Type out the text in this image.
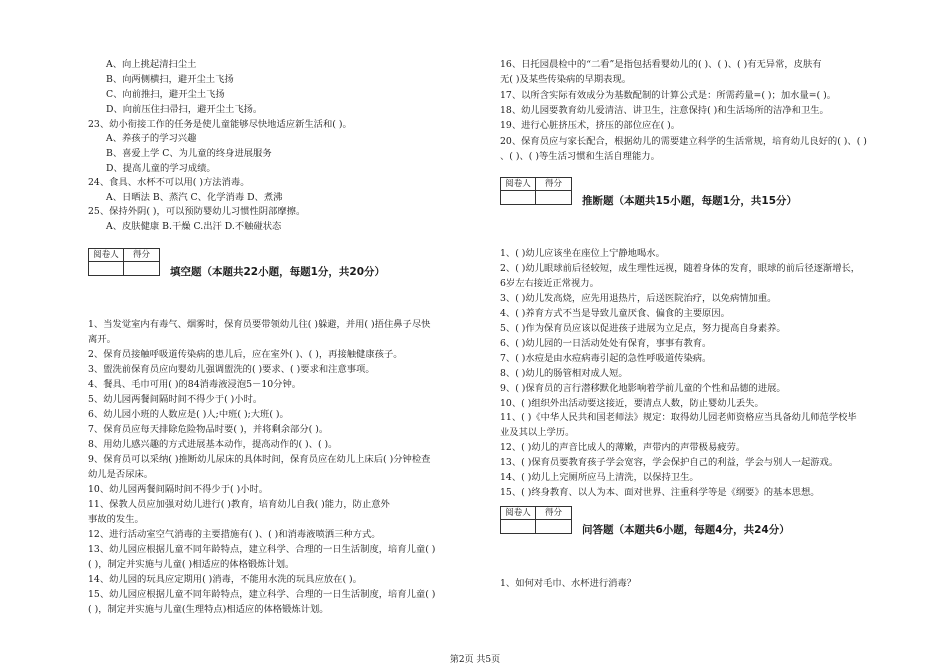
A、向上挑起清扫尘土
B、向两侧横扫，避开尘土飞扬
C、向前推扫，避开尘土飞扬
D、向前压住扫帚扫，避开尘土飞扬。
23、幼小衔接工作的任务是使儿童能够尽快地适应新生活和( )。
A、养孩子的学习兴趣
B、喜爱上学 C、为儿童的终身进展服务
D、提高儿童的学习成绩。
24、食具、水杯不可以用( )方法消毒。
A、日晒法 B、蒸汽 C、化学消毒 D、煮沸
25、保持外阴( )，可以预防婴幼儿习惯性阴部摩擦。
A、皮肤健康 B.干燥 C.出汗 D.不触碰状态
阅卷人	得分
填空题（本题共22小题，每题1分，共20分）
1、当发觉室内有毒气、烟雾时，保育员要带领幼儿往( )躲避，并用( )捂住鼻子尽快
离开。
2、保育员接触呼吸道传染病的患儿后，应在室外( )、( )，再接触健康孩子。
3、盥洗前保育员应向婴幼儿强调盥洗的( )要求、( )要求和注意事项。
4、餐具、毛巾可用( )的84消毒液浸泡5－10分钟。
5、幼儿园两餐间隔时间不得少于( )小时。
6、幼儿园小班的人数应是( )人;中班( );大班( )。
7、保育员应每天排除危险物品时要( )，并将剩余部分( )。
8、用幼儿感兴趣的方式进展基本动作，提高动作的( )、( )。
9、保育员可以采纳( )推断幼儿尿床的具体时间，保育员应在幼儿上床后( )分钟检查
幼儿是否尿床。
10、幼儿园两餐间隔时间不得少于( )小时。
11、保教人员应加强对幼儿进行( )教育，培育幼儿自我( )能力，防止意外
事故的发生。
12、进行活动室空气消毒的主要措施有( )、( )和消毒液喷洒三种方式。
13、幼儿园应根据儿童不同年龄特点，建立科学、合理的一日生活制度，培育儿童( )
( )，制定并实施与儿童( )相适应的体格锻炼计划。
14、幼儿园的玩具应定期用( )消毒，不能用水洗的玩具应放在( )。
15、幼儿园应根据儿童不同年龄特点，建立科学、合理的一日生活制度，培育儿童( )
( )，制定并实施与儿童(生理特点)相适应的体格锻炼计划。
16、日托园晨检中的“二看”是指包括看婴幼儿的( )、( )、( )有无异常，皮肤有
无( )及某些传染病的早期表现。
17、以所含实际有效成分为基数配制的计算公式是：所需药量=( )；加水量=( )。
18、幼儿园要教育幼儿爱清洁、讲卫生，注意保持( )和生活场所的洁净和卫生。
19、进行心脏挤压术，挤压的部位应在( )。
20、保育员应与家长配合，根据幼儿的需要建立科学的生活常规，培育幼儿良好的( )、( )
、( )、( )等生活习惯和生活自理能力。
阅卷人	得分
推断题（本题共15小题，每题1分，共15分）
1、( )幼儿应该坐在座位上宁静地喝水。
2、( )幼儿眼球前后径较短，成生理性远视，随着身体的发育，眼球的前后径逐渐增长，
6岁左右接近正常视力。
3、( )幼儿发高烧，应先用退热片，后送医院治疗，以免病情加重。
4、( )养育方式不当是导致儿童厌食、偏食的主要原因。
5、( )作为保育员应该以促进孩子进展为立足点，努力提高自身素养。
6、( )幼儿园的一日活动处处有保育，事事有教育。
7、( )水痘是由水痘病毒引起的急性呼吸道传染病。
8、( )幼儿的肠管相对成人短。
9、( )保育员的言行潜移默化地影响着学前儿童的个性和品德的进展。
10、( )组织外出活动要这接近，要清点人数，防止婴幼儿丢失。
11、( )《中华人民共和国老师法》规定：取得幼儿园老师资格应当具备幼儿师范学校毕
业及其以上学历。
12、( )幼儿的声音比成人的薄嫩，声带内的声带极易疲劳。
13、( )保育员要教育孩子学会宽容，学会保护自己的利益，学会与别人一起游戏。
14、( )幼儿上完厕所应马上清洗，以保持卫生。
15、( )终身教育、以人为本、面对世界、注重科学等是《纲要》的基本思想。
阅卷人	得分
问答题（本题共6小题，每题4分，共24分）
1、如何对毛巾、水杯进行消毒？
第2页 共5页
